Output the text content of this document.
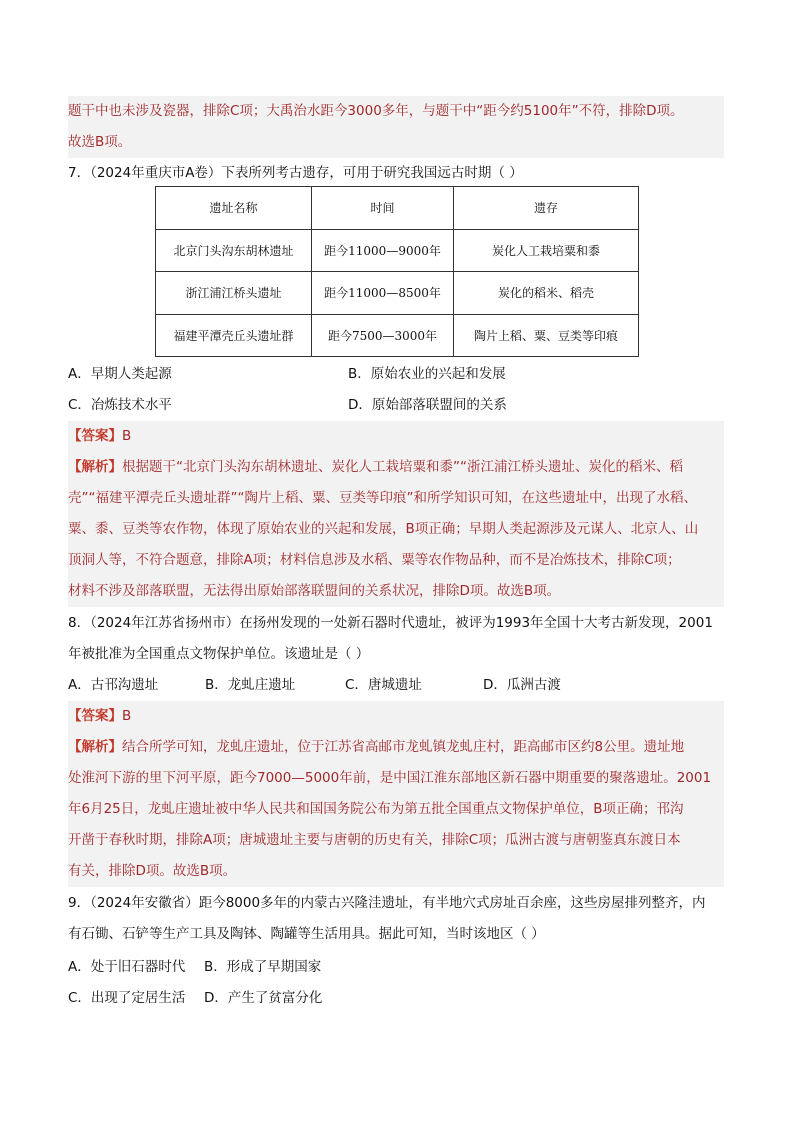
题干中也未涉及瓷器，排除C项；大禹治水距今3000多年，与题干中“距今约5100年”不符，排除D项。
故选B项。
7．（2024年重庆市A卷）下表所列考古遗存，可用于研究我国远古时期（ ）
遗址名称	时间	遗存
北京门头沟东胡林遗址	距今11000—9000年	炭化人工栽培粟和黍
浙江浦江桥头遗址	距今11000—8500年	炭化的稻米、稻壳
福建平潭壳丘头遗址群	距今7500—3000年	陶片上稻、粟、豆类等印痕
A．早期人类起源	B．原始农业的兴起和发展
C．冶炼技术水平	D．原始部落联盟间的关系
【答案】B
【解析】根据题干“北京门头沟东胡林遗址、炭化人工栽培粟和黍”“浙江浦江桥头遗址、炭化的稻米、稻
壳”“福建平潭壳丘头遗址群”“陶片上稻、粟、豆类等印痕”和所学知识可知，在这些遗址中，出现了水稻、
粟、黍、豆类等农作物，体现了原始农业的兴起和发展，B项正确；早期人类起源涉及元谋人、北京人、山
顶洞人等，不符合题意，排除A项；材料信息涉及水稻、粟等农作物品种，而不是冶炼技术，排除C项；
材料不涉及部落联盟，无法得出原始部落联盟间的关系状况，排除D项。故选B项。
8．（2024年江苏省扬州市）在扬州发现的一处新石器时代遗址，被评为1993年全国十大考古新发现，2001
年被批准为全国重点文物保护单位。该遗址是（ ）
A．古邗沟遗址	B．龙虬庄遗址	C．唐城遗址	D．瓜洲古渡
【答案】B
【解析】结合所学可知，龙虬庄遗址，位于江苏省高邮市龙虬镇龙虬庄村，距高邮市区约8公里。遗址地
处淮河下游的里下河平原，距今7000—5000年前，是中国江淮东部地区新石器中期重要的聚落遗址。2001
年6月25日，龙虬庄遗址被中华人民共和国国务院公布为第五批全国重点文物保护单位，B项正确；邗沟
开凿于春秋时期，排除A项；唐城遗址主要与唐朝的历史有关，排除C项；瓜洲古渡与唐朝鉴真东渡日本
有关，排除D项。故选B项。
9．（2024年安徽省）距今8000多年的内蒙古兴隆洼遗址，有半地穴式房址百余座，这些房屋排列整齐，内
有石锄、石铲等生产工具及陶钵、陶罐等生活用具。据此可知，当时该地区（ ）
A．处于旧石器时代	B．形成了早期国家
C．出现了定居生活	D．产生了贫富分化
